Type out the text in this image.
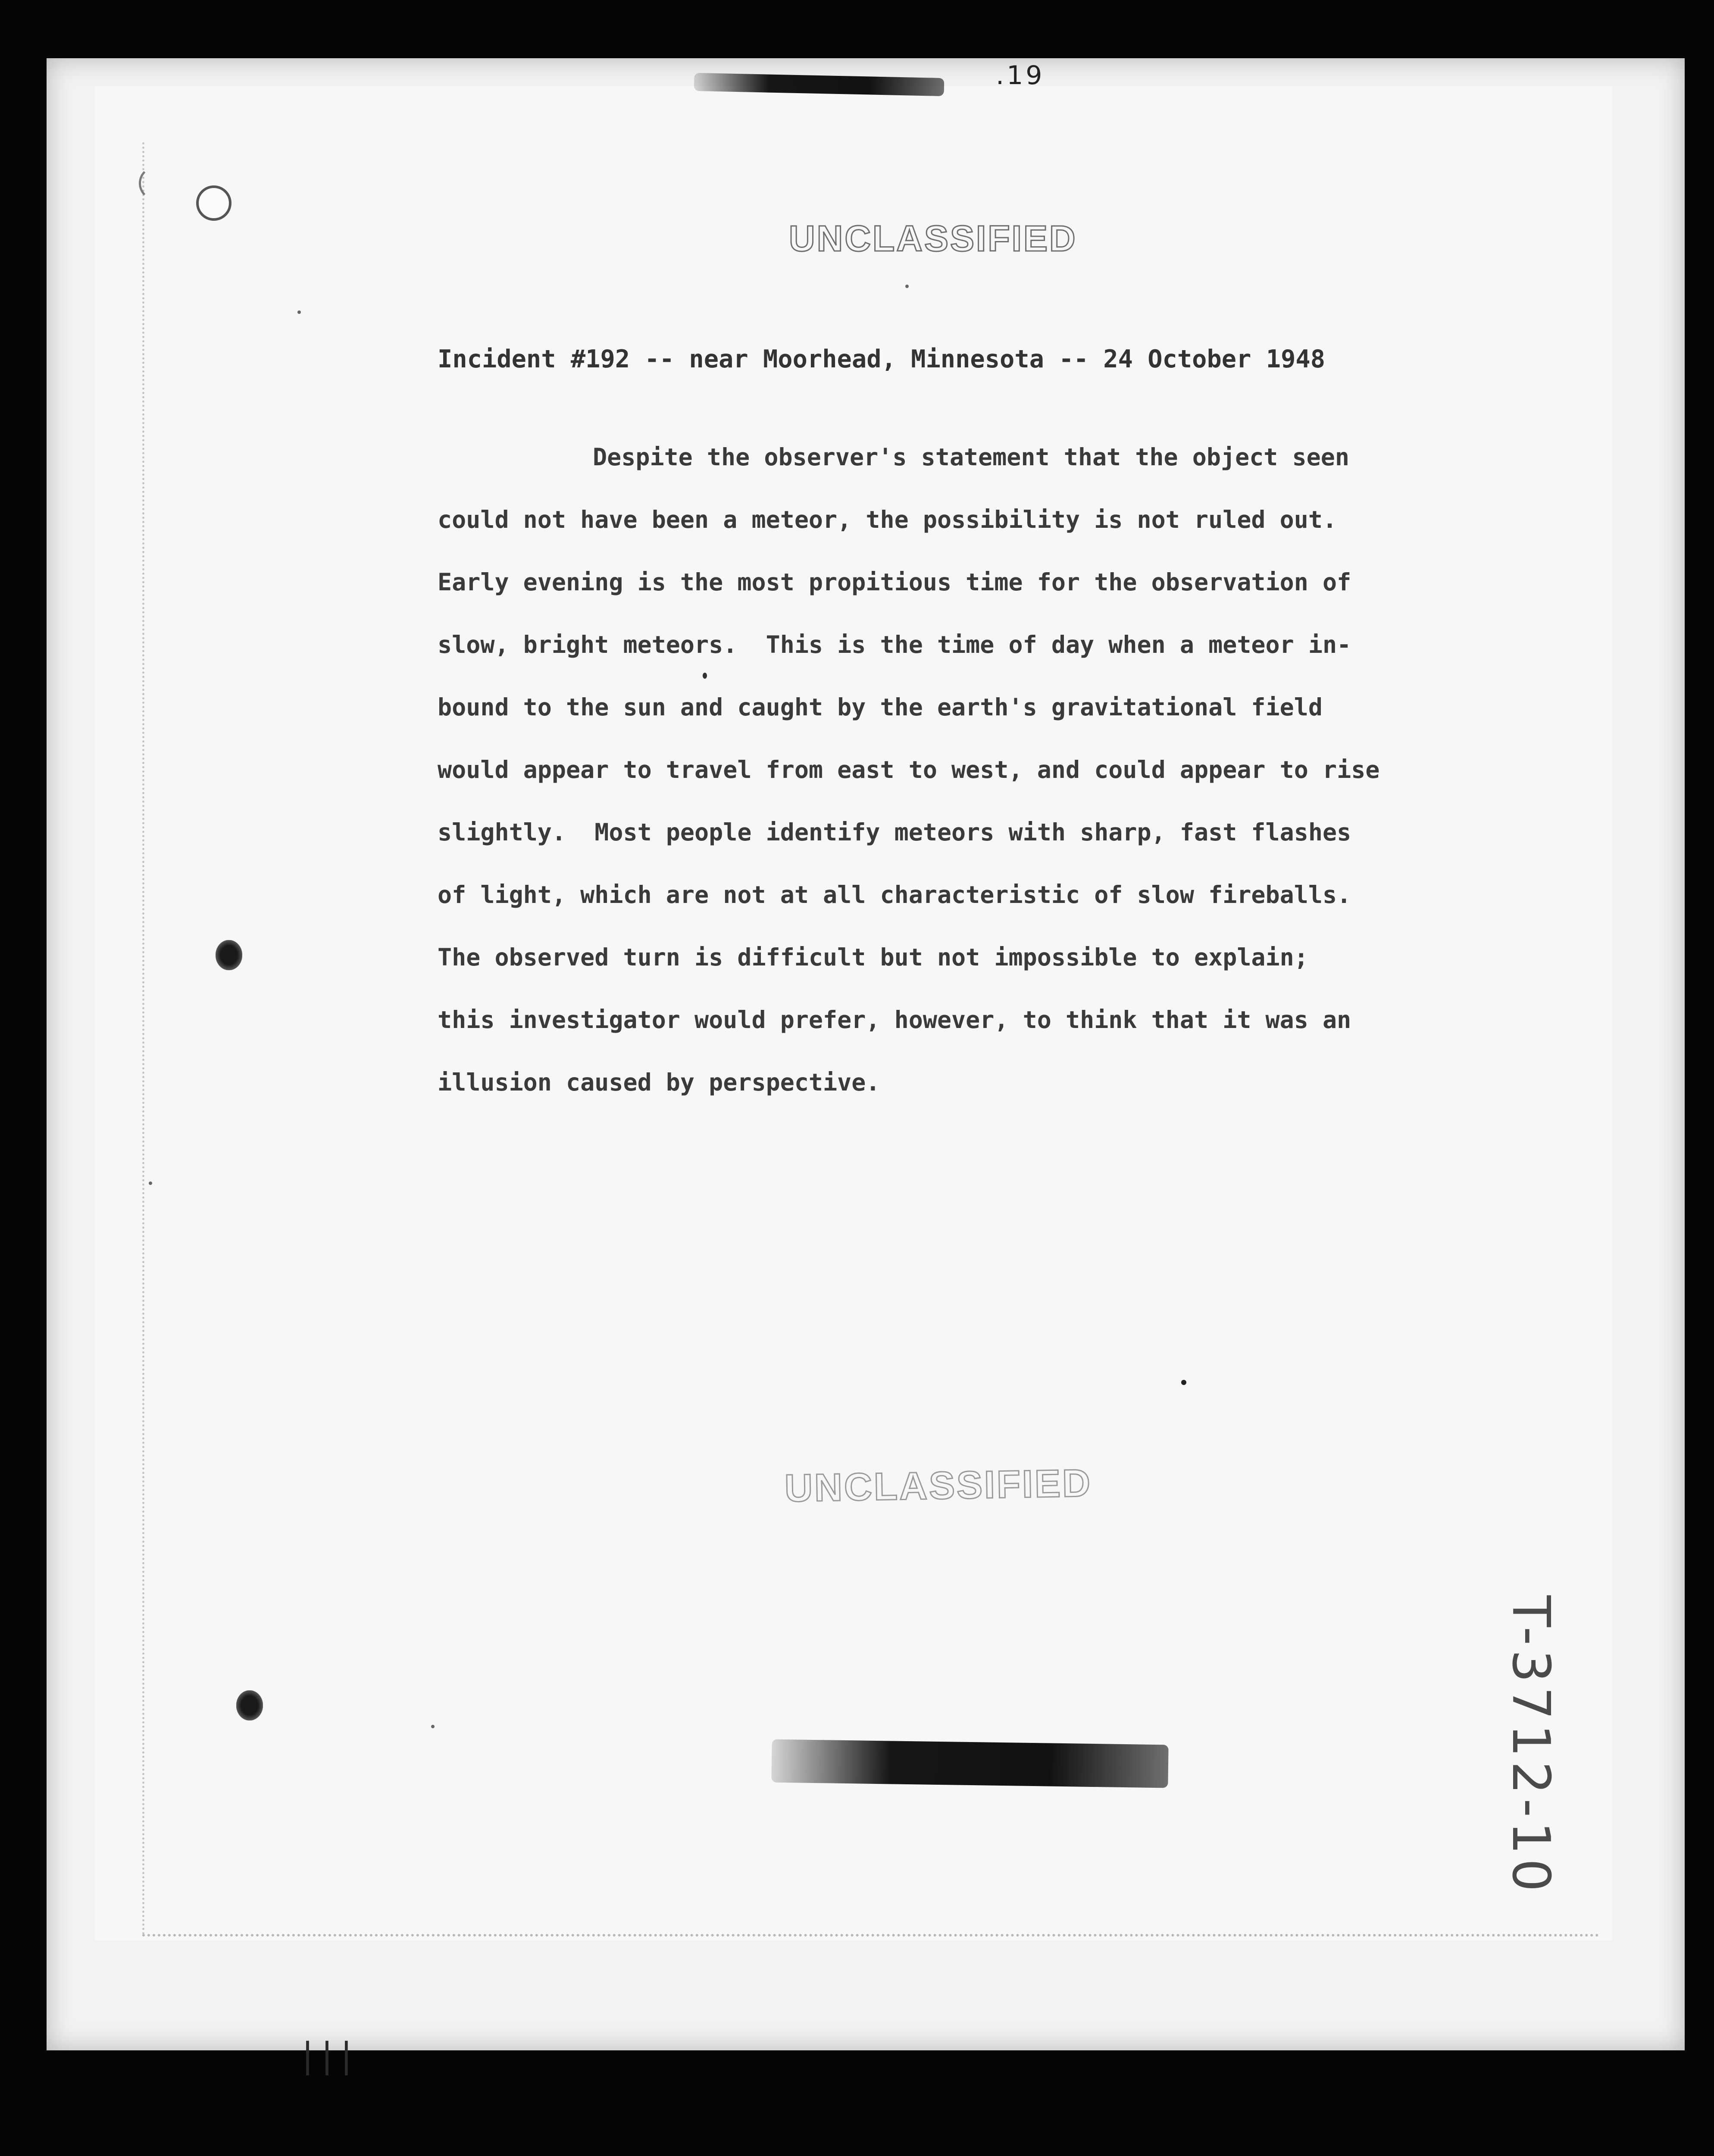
.19
UNCLASSIFIED
Incident #192 -- near Moorhead, Minnesota -- 24 October 1948
Despite the observer's statement that the object seen
could not have been a meteor, the possibility is not ruled out.
Early evening is the most propitious time for the observation of
slow, bright meteors.  This is the time of day when a meteor in-
bound to the sun and caught by the earth's gravitational field
would appear to travel from east to west, and could appear to rise
slightly.  Most people identify meteors with sharp, fast flashes
of light, which are not at all characteristic of slow fireballs.
The observed turn is difficult but not impossible to explain;
this investigator would prefer, however, to think that it was an
illusion caused by perspective.
UNCLASSIFIED
T-3712-10
|||
